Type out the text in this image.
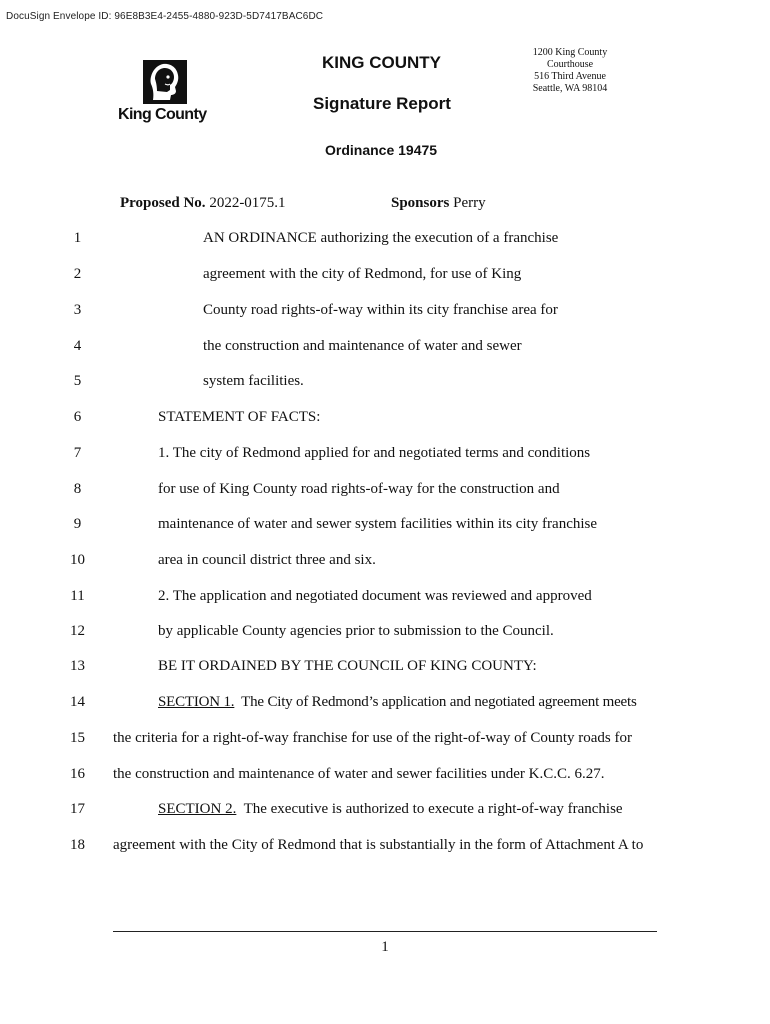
DocuSign Envelope ID: 96E8B3E4-2455-4880-923D-5D7417BAC6DC
King County
KING COUNTY
1200 King County Courthouse
516 Third Avenue
Seattle, WA 98104
Signature Report
Ordinance 19475
Proposed No. 2022-0175.1	Sponsors Perry
1	AN ORDINANCE authorizing the execution of a franchise
2	agreement with the city of Redmond, for use of King
3	County road rights-of-way within its city franchise area for
4	the construction and maintenance of water and sewer
5	system facilities.
6	STATEMENT OF FACTS:
7	1. The city of Redmond applied for and negotiated terms and conditions
8	for use of King County road rights-of-way for the construction and
9	maintenance of water and sewer system facilities within its city franchise
10	area in council district three and six.
11	2. The application and negotiated document was reviewed and approved
12	by applicable County agencies prior to submission to the Council.
13	BE IT ORDAINED BY THE COUNCIL OF KING COUNTY:
14	SECTION 1.  The City of Redmond’s application and negotiated agreement meets
15	the criteria for a right-of-way franchise for use of the right-of-way of County roads for
16	the construction and maintenance of water and sewer facilities under K.C.C. 6.27.
17	SECTION 2.  The executive is authorized to execute a right-of-way franchise
18	agreement with the City of Redmond that is substantially in the form of Attachment A to
1
